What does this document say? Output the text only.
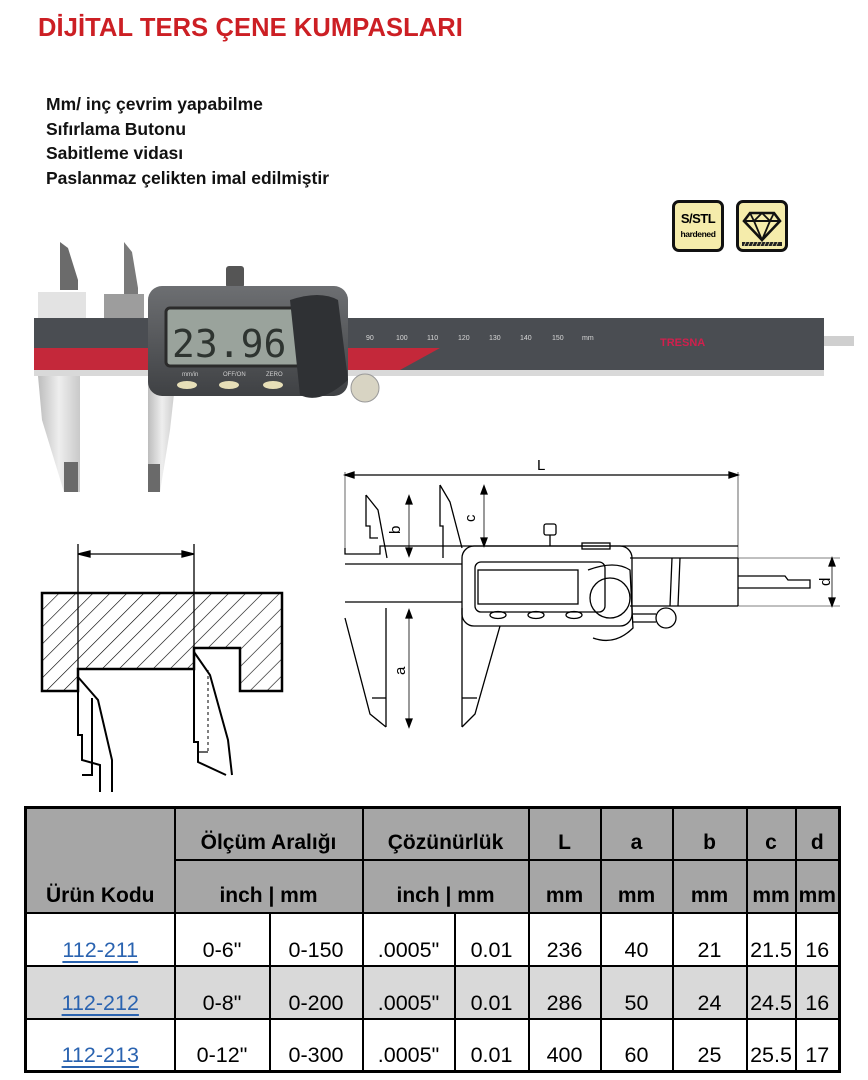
DİJİTAL TERS ÇENE KUMPASLARI
Mm/ inç çevrim yapabilme
Sıfırlama Butonu
Sabitleme vidası
Paslanmaz çelikten imal edilmiştir
S/STL
hardened
90	100	110	120	130	140	150	mm	TRESNA
23.96
mm/in	OFF/ON	ZERO
L
b
c
a
d
Ürün Kodu	Ölçüm Aralığı		Çözünürlük		L	a	b	c	d
	inch | mm		inch | mm		mm	mm	mm	mm	mm
112-211	0-6"	0-150	.0005"	0.01	236	40	21	21.5	16
112-212	0-8"	0-200	.0005"	0.01	286	50	24	24.5	16
112-213	0-12"	0-300	.0005"	0.01	400	60	25	25.5	17
